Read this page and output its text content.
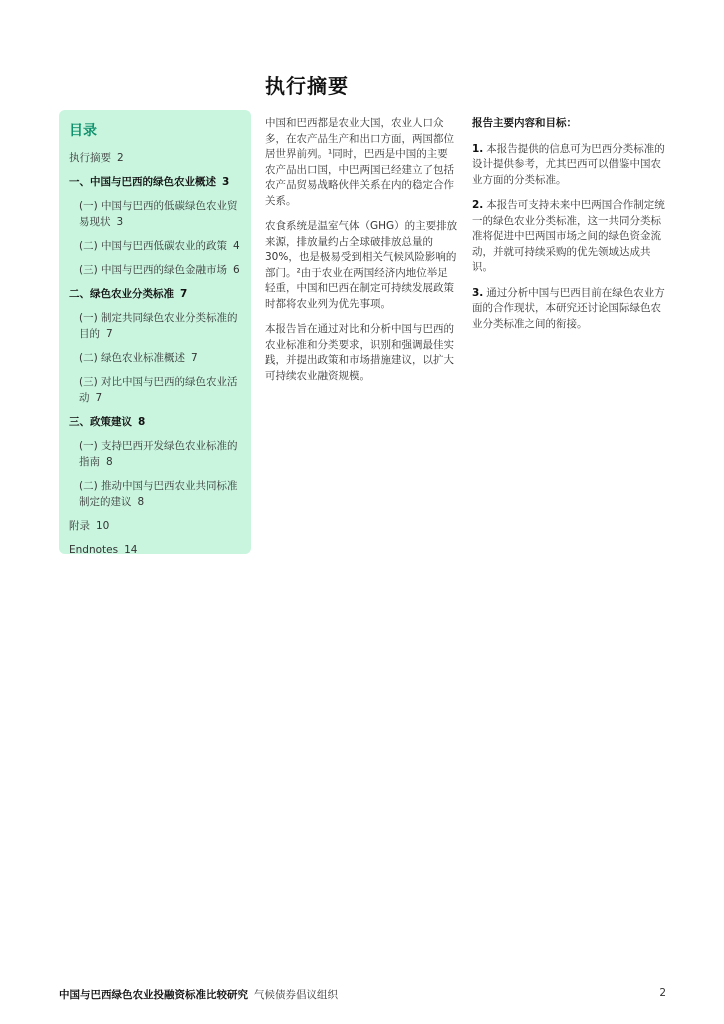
执行摘要
目录
执行摘要 2
一、中国与巴西的绿色农业概述 3
(一) 中国与巴西的低碳绿色农业贸易现状 3
(二) 中国与巴西低碳农业的政策 4
(三) 中国与巴西的绿色金融市场 6
二、绿色农业分类标准 7
(一) 制定共同绿色农业分类标准的目的 7
(二) 绿色农业标准概述 7
(三) 对比中国与巴西的绿色农业活动 7
三、政策建议 8
(一) 支持巴西开发绿色农业标准的指南 8
(二) 推动中国与巴西农业共同标准制定的建议 8
附录 10
Endnotes 14

中国和巴西都是农业大国，农业人口众多，在农产品生产和出口方面，两国都位居世界前列。¹同时，巴西是中国的主要农产品出口国，中巴两国已经建立了包括农产品贸易战略伙伴关系在内的稳定合作关系。

农食系统是温室气体（GHG）的主要排放来源，排放量约占全球破排放总量的30%，也是极易受到相关气候风险影响的部门。²由于农业在两国经济内地位举足轻重，中国和巴西在制定可持续发展政策时都将农业列为优先事项。

本报告旨在通过对比和分析中国与巴西的农业标准和分类要求，识别和强调最佳实践，并提出政策和市场措施建议，以扩大可持续农业融资规模。

报告主要内容和目标：

1. 本报告提供的信息可为巴西分类标准的设计提供参考，尤其巴西可以借鉴中国农业方面的分类标准。

2. 本报告可支持未来中巴两国合作制定统一的绿色农业分类标准，这一共同分类标准将促进中巴两国市场之间的绿色资金流动，并就可持续采购的优先领域达成共识。

3. 通过分析中国与巴西目前在绿色农业方面的合作现状，本研究还讨论国际绿色农业分类标准之间的衔接。

中国与巴西绿色农业投融资标准比较研究 气候债券倡议组织	2
